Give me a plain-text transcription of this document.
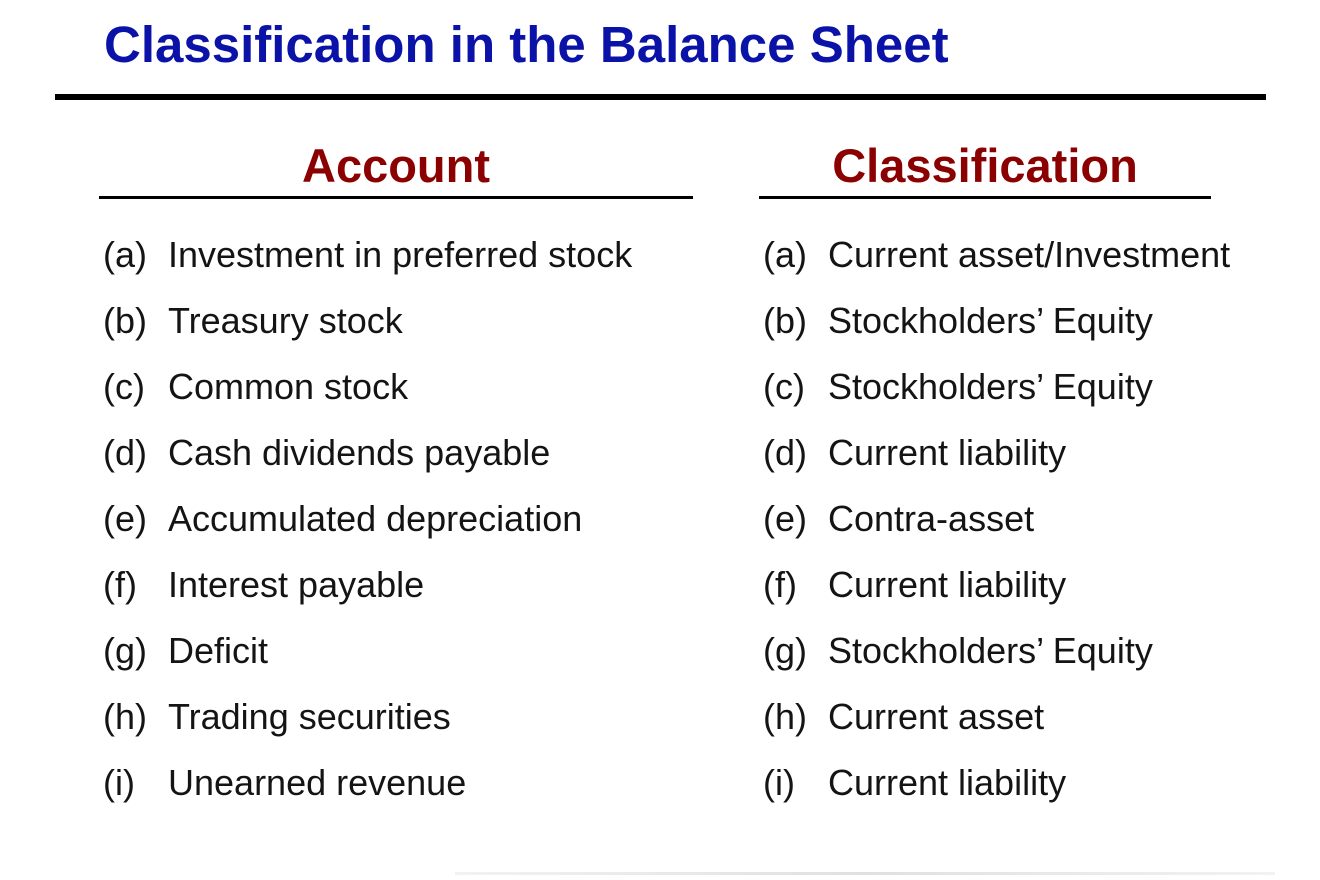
Classification in the Balance Sheet
Account	Classification
(a) Investment in preferred stock
(b) Treasury stock
(c) Common stock
(d) Cash dividends payable
(e) Accumulated depreciation
(f) Interest payable
(g) Deficit
(h) Trading securities
(i) Unearned revenue
(a) Current asset/Investment
(b) Stockholders’ Equity
(c) Stockholders’ Equity
(d) Current liability
(e) Contra-asset
(f) Current liability
(g) Stockholders’ Equity
(h) Current asset
(i) Current liability
